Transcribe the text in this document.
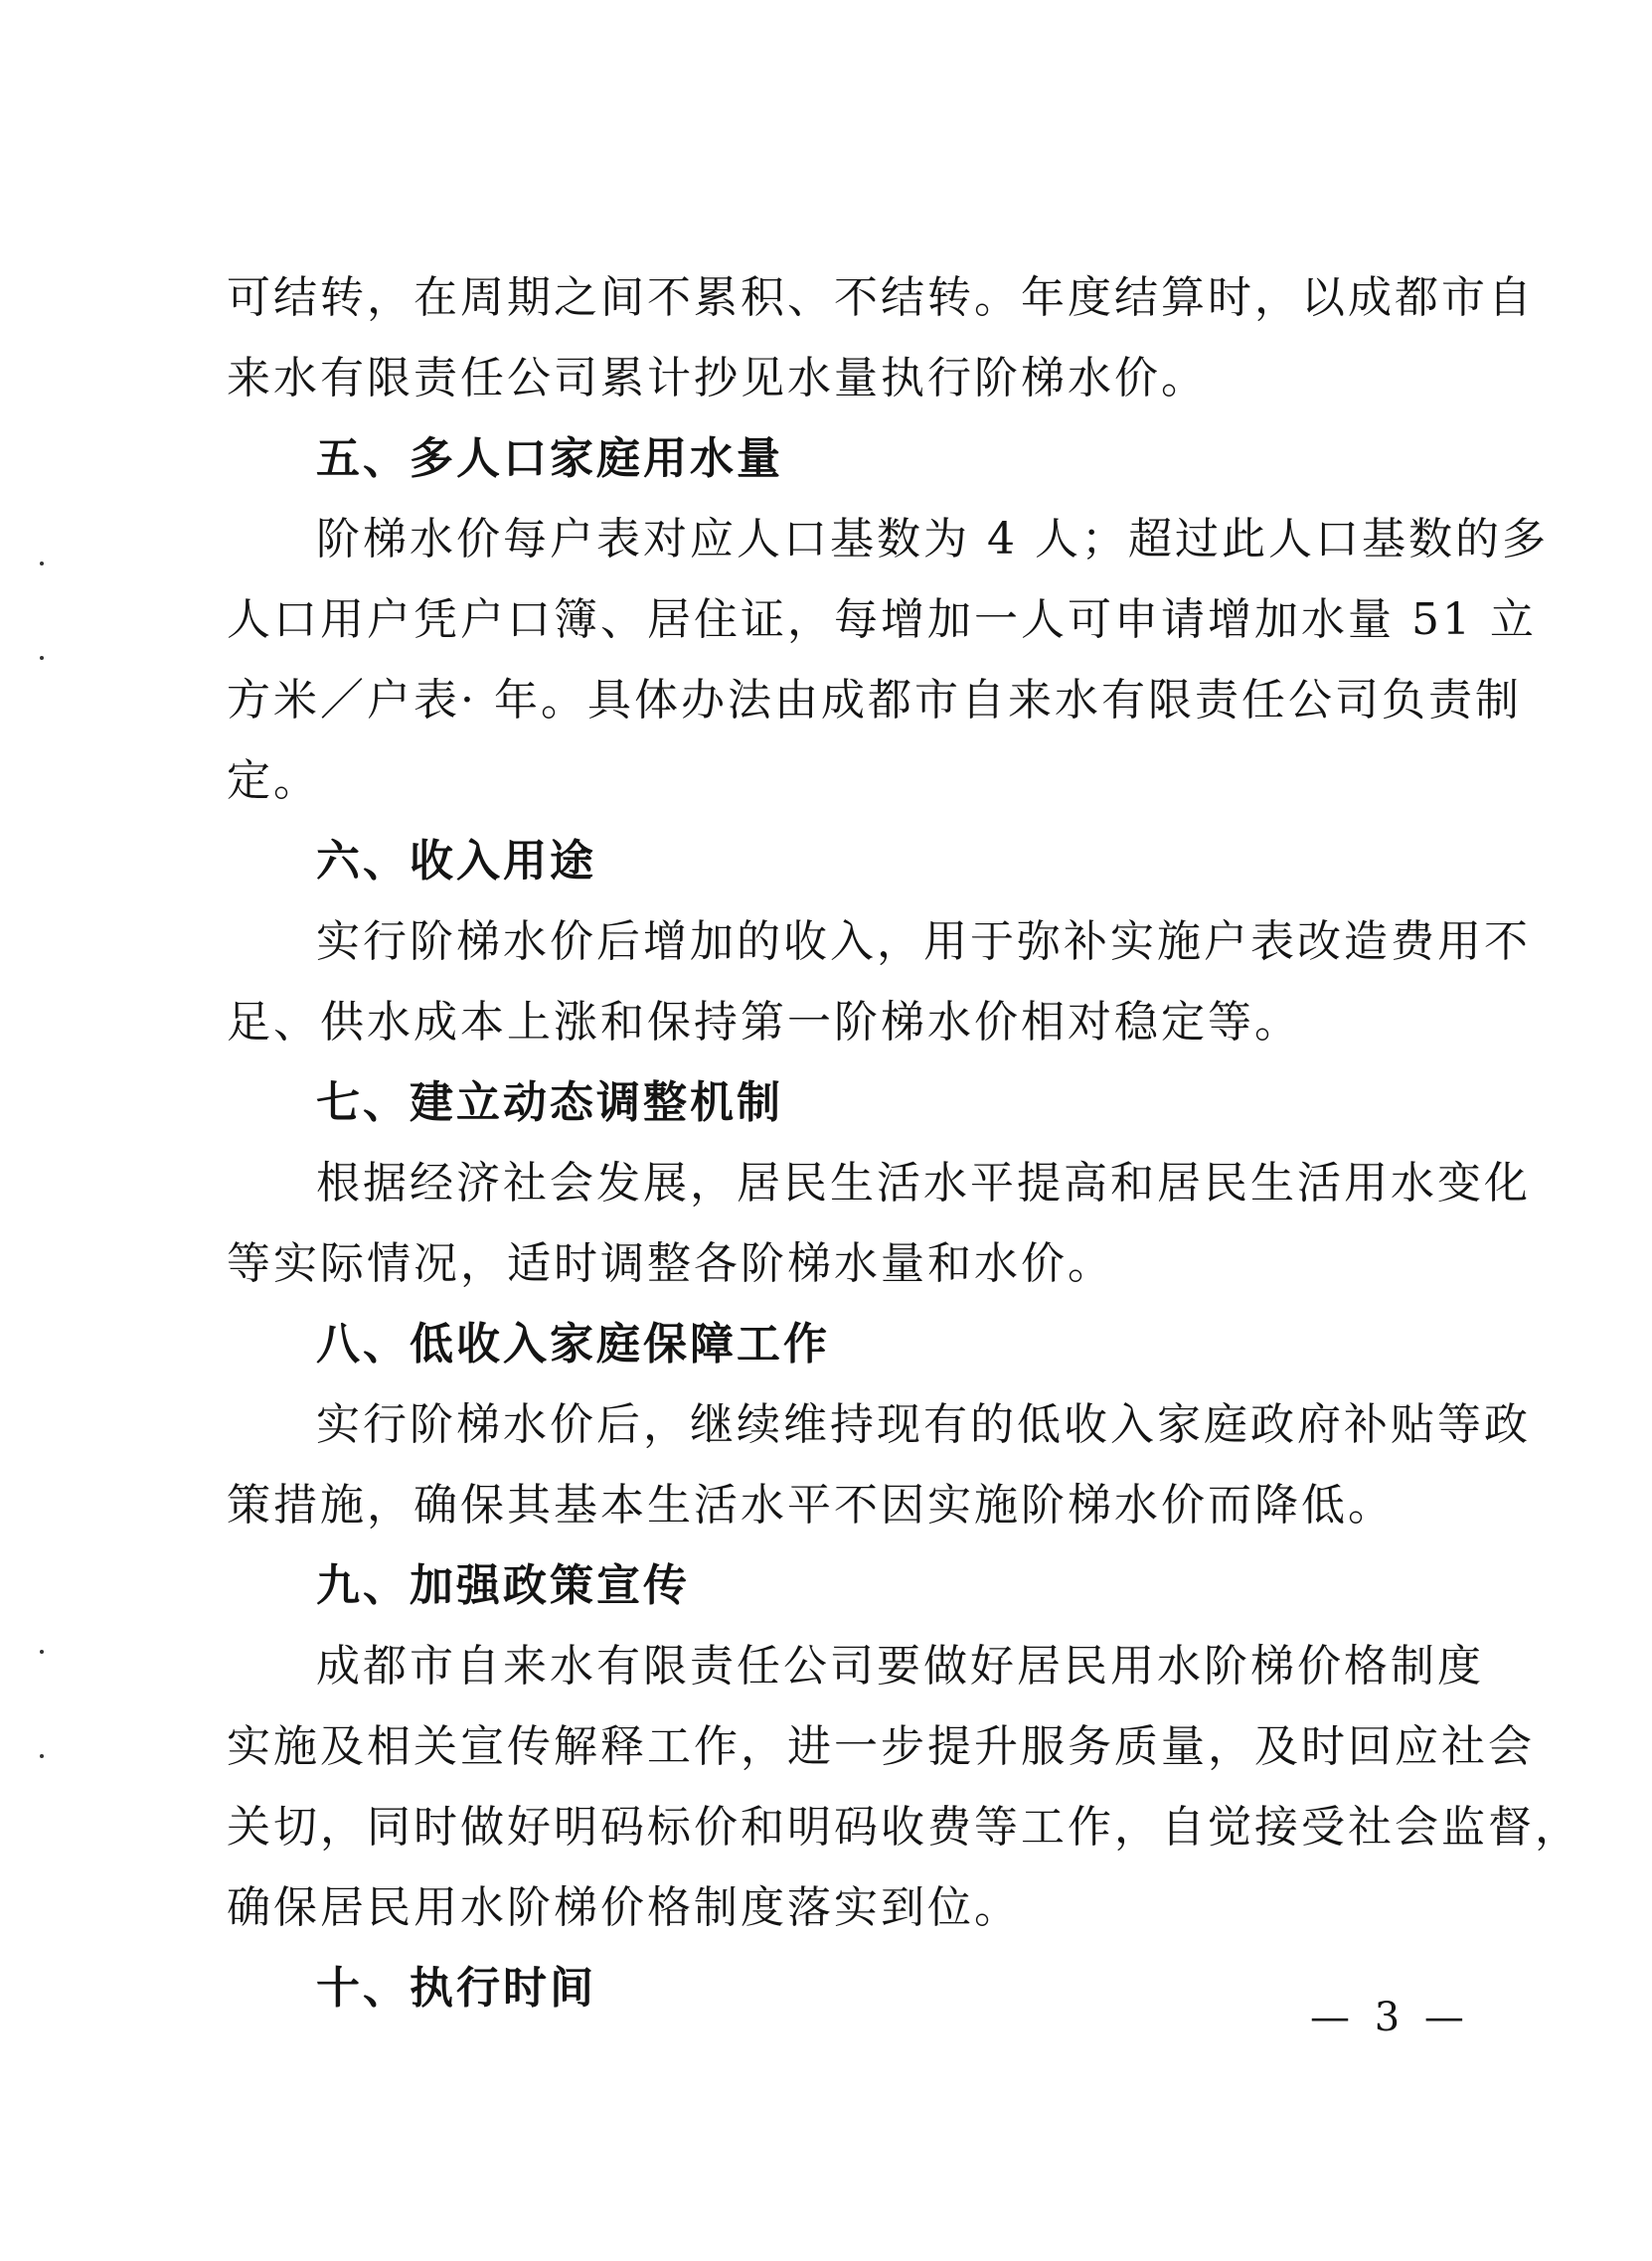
可结转，在周期之间不累积、不结转。年度结算时，以成都市自
来水有限责任公司累计抄见水量执行阶梯水价。
五、多人口家庭用水量
阶梯水价每户表对应人口基数为 4 人；超过此人口基数的多
人口用户凭户口簿、居住证，每增加一人可申请增加水量 51 立
方米／户表· 年。具体办法由成都市自来水有限责任公司负责制
定。
六、收入用途
实行阶梯水价后增加的收入，用于弥补实施户表改造费用不
足、供水成本上涨和保持第一阶梯水价相对稳定等。
七、建立动态调整机制
根据经济社会发展，居民生活水平提高和居民生活用水变化
等实际情况，适时调整各阶梯水量和水价。
八、低收入家庭保障工作
实行阶梯水价后，继续维持现有的低收入家庭政府补贴等政
策措施，确保其基本生活水平不因实施阶梯水价而降低。
九、加强政策宣传
成都市自来水有限责任公司要做好居民用水阶梯价格制度
实施及相关宣传解释工作，进一步提升服务质量，及时回应社会
关切，同时做好明码标价和明码收费等工作，自觉接受社会监督，
确保居民用水阶梯价格制度落实到位。
十、执行时间
— 3 —
